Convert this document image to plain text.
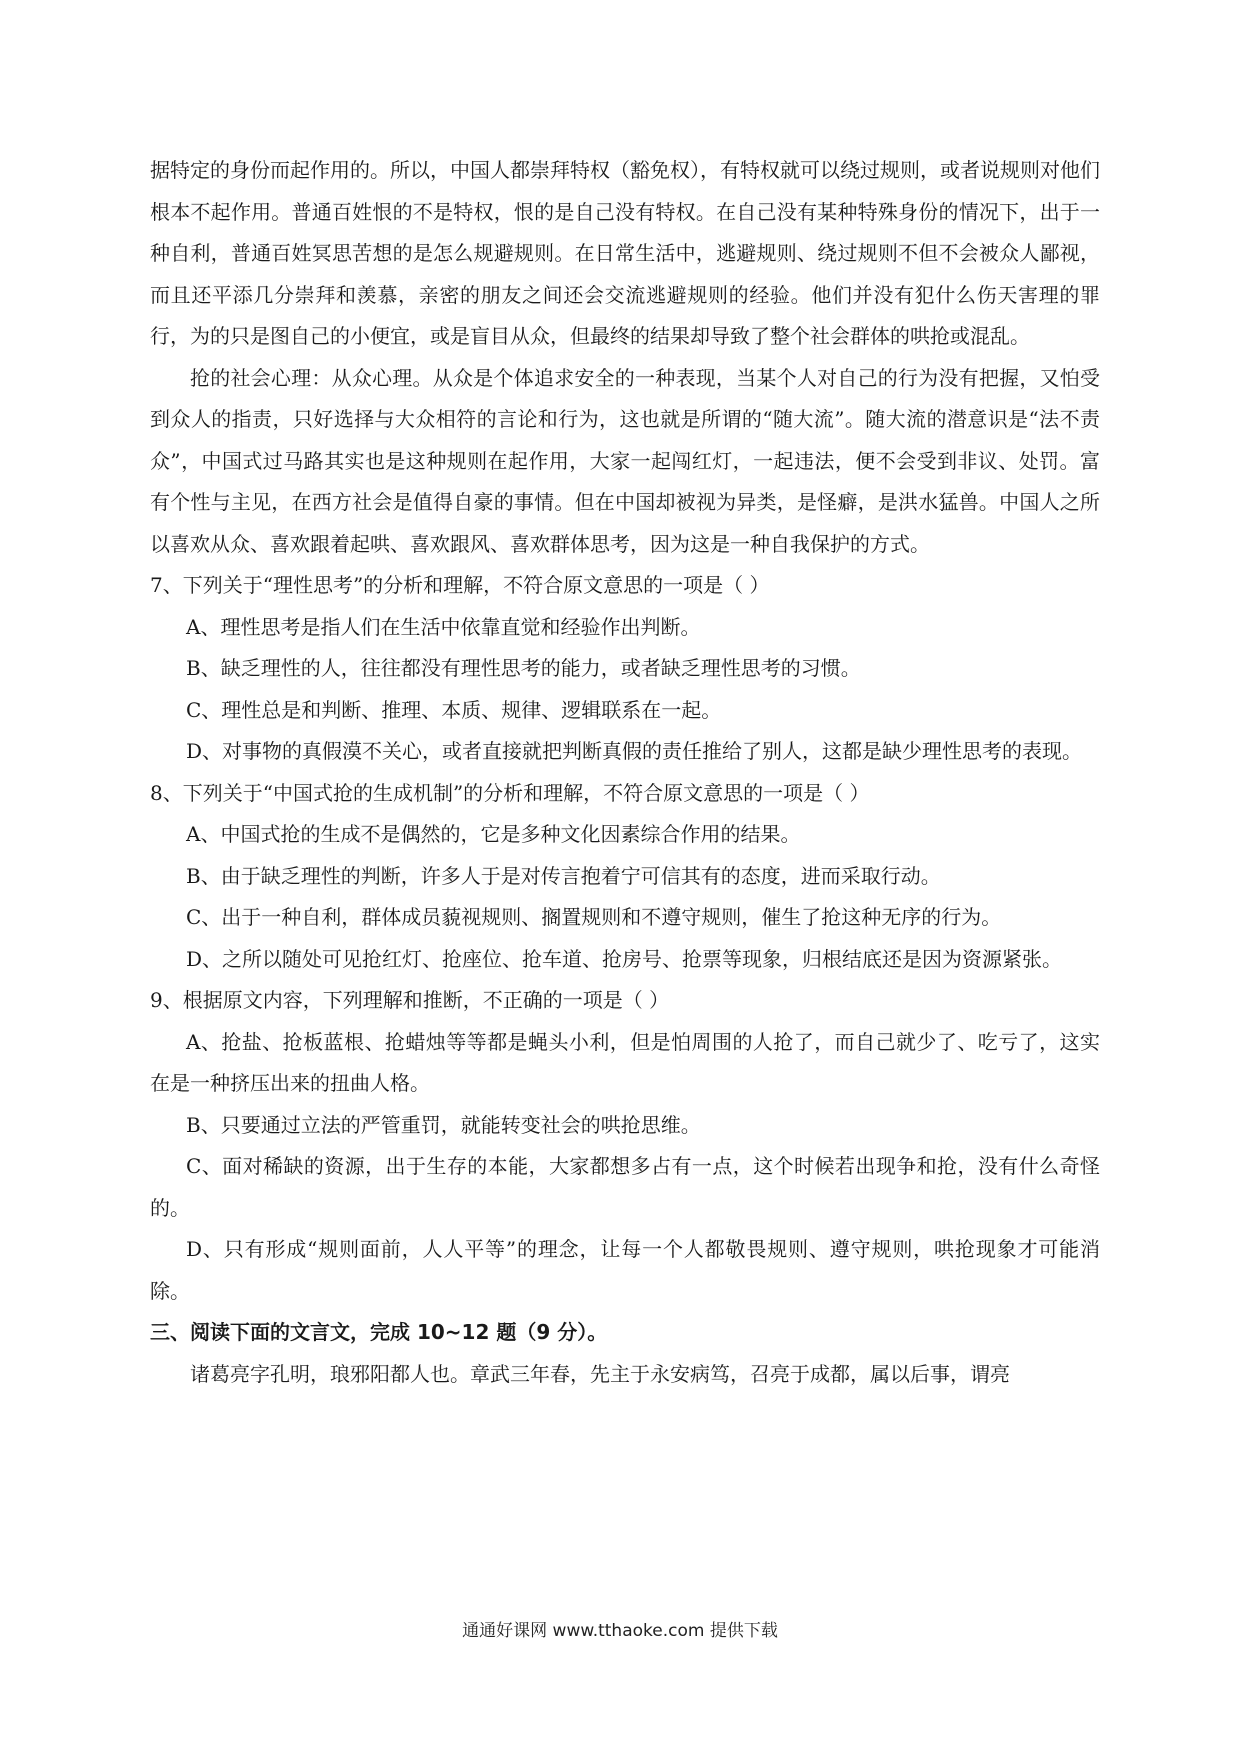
据特定的身份而起作用的。所以，中国人都崇拜特权（豁免权），有特权就可以绕过规则，或者说规则对他们根本不起作用。普通百姓恨的不是特权，恨的是自己没有特权。在自己没有某种特殊身份的情况下，出于一种自利，普通百姓冥思苦想的是怎么规避规则。在日常生活中，逃避规则、绕过规则不但不会被众人鄙视，而且还平添几分崇拜和羡慕，亲密的朋友之间还会交流逃避规则的经验。他们并没有犯什么伤天害理的罪行，为的只是图自己的小便宜，或是盲目从众，但最终的结果却导致了整个社会群体的哄抢或混乱。

抢的社会心理：从众心理。从众是个体追求安全的一种表现，当某个人对自己的行为没有把握，又怕受到众人的指责，只好选择与大众相符的言论和行为，这也就是所谓的“随大流”。随大流的潜意识是“法不责众”，中国式过马路其实也是这种规则在起作用，大家一起闯红灯，一起违法，便不会受到非议、处罚。富有个性与主见，在西方社会是值得自豪的事情。但在中国却被视为异类，是怪癖，是洪水猛兽。中国人之所以喜欢从众、喜欢跟着起哄、喜欢跟风、喜欢群体思考，因为这是一种自我保护的方式。

7、下列关于“理性思考”的分析和理解，不符合原文意思的一项是（ ）

A、理性思考是指人们在生活中依靠直觉和经验作出判断。

B、缺乏理性的人，往往都没有理性思考的能力，或者缺乏理性思考的习惯。

C、理性总是和判断、推理、本质、规律、逻辑联系在一起。

D、对事物的真假漠不关心，或者直接就把判断真假的责任推给了别人，这都是缺少理性思考的表现。

8、下列关于“中国式抢的生成机制”的分析和理解，不符合原文意思的一项是（ ）

A、中国式抢的生成不是偶然的，它是多种文化因素综合作用的结果。

B、由于缺乏理性的判断，许多人于是对传言抱着宁可信其有的态度，进而采取行动。

C、出于一种自利，群体成员藐视规则、搁置规则和不遵守规则，催生了抢这种无序的行为。

D、之所以随处可见抢红灯、抢座位、抢车道、抢房号、抢票等现象，归根结底还是因为资源紧张。

9、根据原文内容，下列理解和推断，不正确的一项是（ ）

A、抢盐、抢板蓝根、抢蜡烛等等都是蝇头小利，但是怕周围的人抢了，而自己就少了、吃亏了，这实在是一种挤压出来的扭曲人格。

B、只要通过立法的严管重罚，就能转变社会的哄抢思维。

C、面对稀缺的资源，出于生存的本能，大家都想多占有一点，这个时候若出现争和抢，没有什么奇怪的。

D、只有形成“规则面前，人人平等”的理念，让每一个人都敬畏规则、遵守规则，哄抢现象才可能消除。

三、阅读下面的文言文，完成 10~12 题（9 分）。

诸葛亮字孔明，琅邪阳都人也。章武三年春，先主于永安病笃，召亮于成都，属以后事，谓亮

通通好课网 www.tthaoke.com 提供下载
